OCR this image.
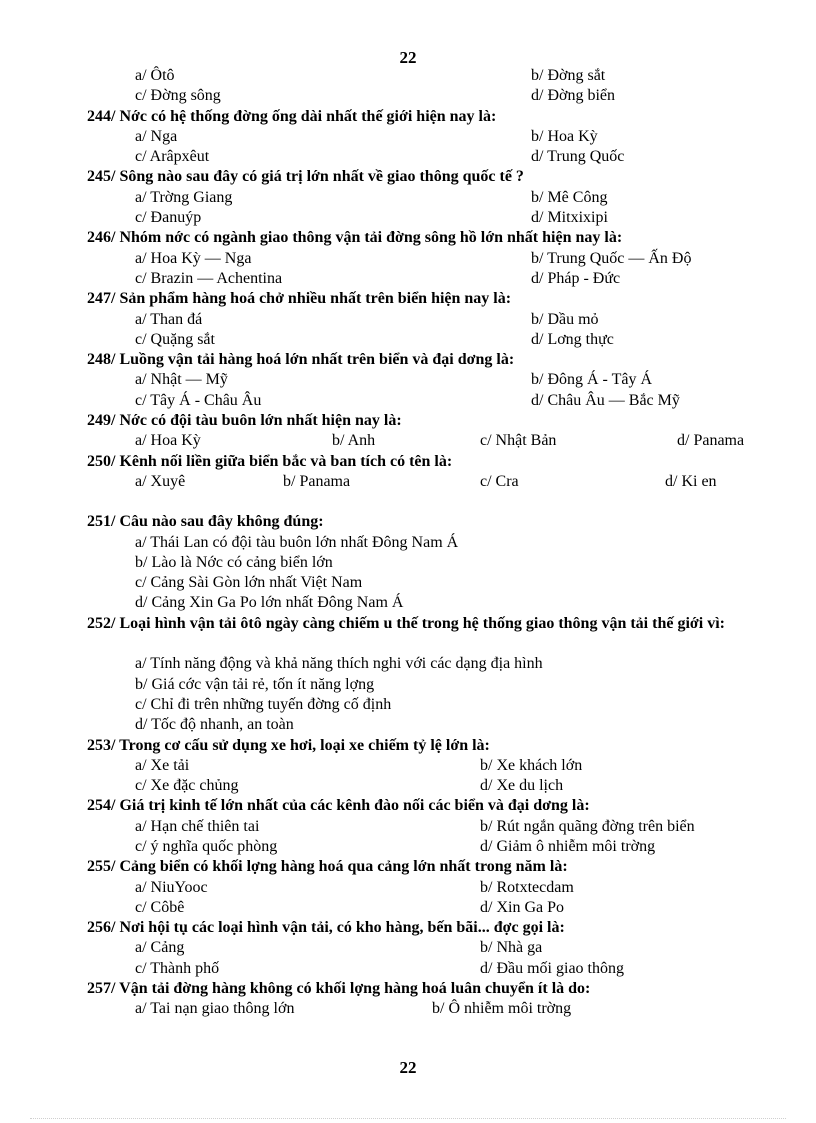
22
a/ Ôtô	b/ Đờng sắt
c/ Đờng sông	d/ Đờng biển
244/ Nớc có hệ thống đờng ống dài nhất thế giới hiện nay là:
a/ Nga	b/ Hoa Kỳ
c/ Arâpxêut	d/ Trung Quốc
245/ Sông nào sau đây có giá trị lớn nhất về giao thông quốc tế ?
a/ Trờng Giang	b/ Mê Công
c/ Đanuýp	d/ Mitxixipi
246/ Nhóm nớc có ngành giao thông vận tải đờng sông hồ lớn nhất hiện nay là:
a/ Hoa Kỳ — Nga	b/ Trung Quốc — Ấn Độ
c/ Brazin — Achentina	d/ Pháp - Đức
247/ Sản phẩm hàng hoá chở nhiều nhất trên biển hiện nay là:
a/ Than đá	b/ Dầu mỏ
c/ Quặng sắt	d/ Lơng thực
248/ Luồng vận tải hàng hoá lớn nhất trên biển và đại dơng là:
a/ Nhật — Mỹ	b/ Đông Á - Tây Á
c/ Tây Á - Châu Âu	d/ Châu Âu — Bắc Mỹ
249/ Nớc có đội tàu buôn lớn nhất hiện nay là:
a/ Hoa Kỳ	b/ Anh	c/ Nhật Bản	d/ Panama
250/ Kênh nối liền giữa biển bắc và ban tích có tên là:
a/ Xuyê	b/ Panama	c/ Cra	d/ Ki en
251/ Câu nào sau đây không đúng:
a/ Thái Lan có đội tàu buôn lớn nhất Đông Nam Á
b/ Lào là Nớc có cảng biển lớn
c/ Cảng Sài Gòn lớn nhất Việt Nam
d/ Cảng Xin Ga Po lớn nhất Đông Nam Á
252/ Loại hình vận tải ôtô ngày càng chiếm u thế trong hệ thống giao thông vận tải thế giới vì:
a/ Tính năng động và khả năng thích nghi với các dạng địa hình
b/ Giá cớc vận tải rẻ, tốn ít năng lợng
c/ Chỉ đi trên những tuyến đờng cố định
d/ Tốc độ nhanh, an toàn
253/ Trong cơ cấu sử dụng xe hơi, loại xe chiếm tỷ lệ lớn là:
a/ Xe tải	b/ Xe khách lớn
c/ Xe đặc chủng	d/ Xe du lịch
254/ Giá trị kinh tế lớn nhất của các kênh đào nối các biển và đại dơng là:
a/ Hạn chế thiên tai	b/ Rút ngắn quãng đờng trên biển
c/ ý nghĩa quốc phòng	d/ Giảm ô nhiễm môi trờng
255/ Cảng biển có khối lợng hàng hoá qua cảng lớn nhất trong năm là:
a/ NiuYooc	b/ Rotxtecdam
c/ Côbê	d/ Xin Ga Po
256/ Nơi hội tụ các loại hình vận tải, có kho hàng, bến bãi... đợc gọi là:
a/ Cảng	b/ Nhà ga
c/ Thành phố	d/ Đầu mối giao thông
257/ Vận tải đờng hàng không có khối lợng hàng hoá luân chuyển ít là do:
a/ Tai nạn giao thông lớn	b/ Ô nhiễm môi trờng
22
